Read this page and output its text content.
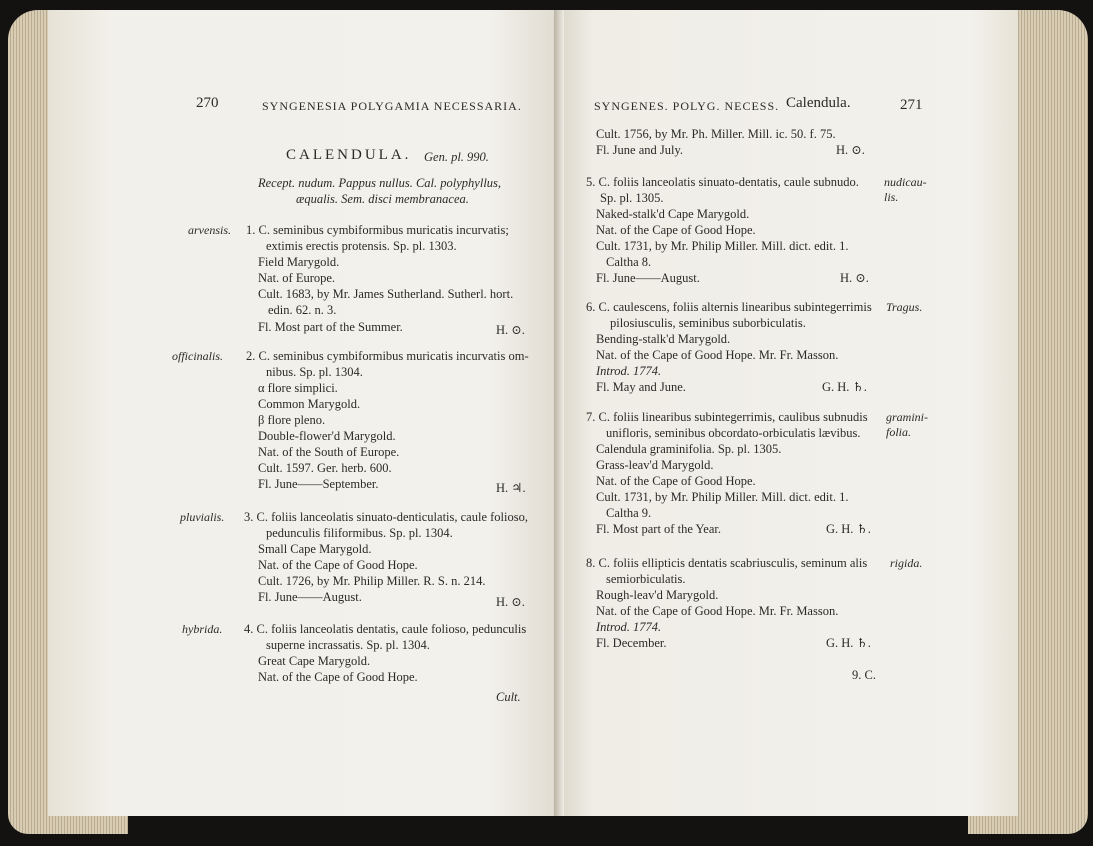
270	SYNGENESIA POLYGAMIA NECESSARIA.
CALENDULA. Gen. pl. 990.
Recept. nudum. Pappus nullus. Cal. polyphyllus,
æqualis. Sem. disci membranacea.
arvensis. 1. C. seminibus cymbiformibus muricatis incurvatis;
extimis erectis protensis. Sp. pl. 1303.
Field Marygold.
Nat. of Europe.
Cult. 1683, by Mr. James Sutherland. Sutherl. hort.
edin. 62. n. 3.
Fl. Most part of the Summer.	H. ⊙.
officinalis. 2. C. seminibus cymbiformibus muricatis incurvatis om-
nibus. Sp. pl. 1304.
α flore simplici.
Common Marygold.
β flore pleno.
Double-flower'd Marygold.
Nat. of the South of Europe.
Cult. 1597. Ger. herb. 600.
Fl. June——September.	H. ♃.
pluvialis. 3. C. foliis lanceolatis sinuato-denticulatis, caule folioso,
pedunculis filiformibus. Sp. pl. 1304.
Small Cape Marygold.
Nat. of the Cape of Good Hope.
Cult. 1726, by Mr. Philip Miller. R. S. n. 214.
Fl. June——August.	H. ⊙.
hybrida. 4. C. foliis lanceolatis dentatis, caule folioso, pedunculis
superne incrassatis. Sp. pl. 1304.
Great Cape Marygold.
Nat. of the Cape of Good Hope.
Cult.
SYNGENES. POLYG. NECESS. Calendula.	271
Cult. 1756, by Mr. Ph. Miller. Mill. ic. 50. f. 75.
Fl. June and July.	H. ⊙.
nudicau-lis.
5. C. foliis lanceolatis sinuato-dentatis, caule subnudo.
Sp. pl. 1305.
Naked-stalk'd Cape Marygold.
Nat. of the Cape of Good Hope.
Cult. 1731, by Mr. Philip Miller. Mill. dict. edit. 1.
Caltha 8.
Fl. June——August.	H. ⊙.
Tragus.
6. C. caulescens, foliis alternis linearibus subintegerrimis
pilosiusculis, seminibus suborbiculatis.
Bending-stalk'd Marygold.
Nat. of the Cape of Good Hope. Mr. Fr. Masson.
Introd. 1774.
Fl. May and June.	G. H. ♄.
gramini-folia.
7. C. foliis linearibus subintegerrimis, caulibus subnudis
unifloris, seminibus obcordato-orbiculatis lævibus.
Calendula graminifolia. Sp. pl. 1305.
Grass-leav'd Marygold.
Nat. of the Cape of Good Hope.
Cult. 1731, by Mr. Philip Miller. Mill. dict. edit. 1.
Caltha 9.
Fl. Most part of the Year.	G. H. ♄.
rigida.
8. C. foliis ellipticis dentatis scabriusculis, seminum alis
semiorbiculatis.
Rough-leav'd Marygold.
Nat. of the Cape of Good Hope. Mr. Fr. Masson.
Introd. 1774.
Fl. December.	G. H. ♄.
9. C.
